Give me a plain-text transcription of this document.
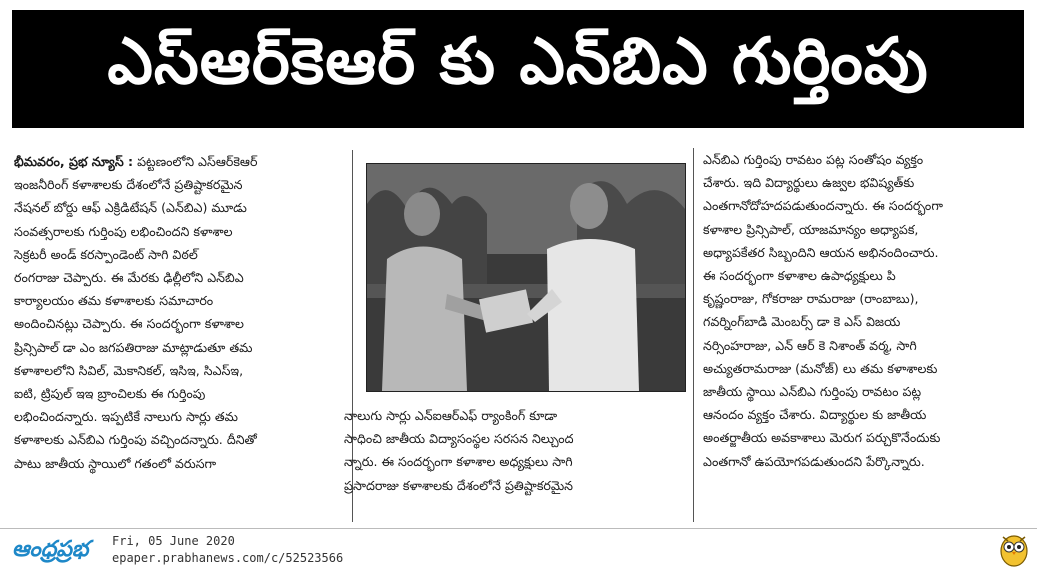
ఎస్ఆర్‌కెఆర్ కు ఎన్‌బిఎ గుర్తింపు

భీమవరం, ప్రభ న్యూస్ : పట్టణంలోని ఎస్‌ఆర్‌కెఆర్

ఇంజనీరింగ్ కళాశాలకు దేశంలోనే ప్రతిష్టాకరమైన

నేషనల్ బోర్డు ఆఫ్ ఎక్రిడిటేషన్ (ఎన్‌బిఎ) మూడు

సంవత్సరాలకు గుర్తింపు లభించిందని కళాశాల

సెక్రటరీ అండ్ కరస్పాండెంట్ సాగి విఠల్

రంగరాజు చెప్పారు. ఈ మేరకు ఢిల్లీలోని ఎన్‌బిఎ

కార్యాలయం తమ కళాశాలకు సమాచారం

అందించినట్లు చెప్పారు. ఈ సందర్భంగా కళాశాల

ప్రిన్సిపాల్ డా ఎం జగపతిరాజు మాట్లాడుతూ తమ

కళాశాలలోని సివిల్, మెకానికల్, ఇసిఇ, సిఎస్‌ఇ,

ఐటి, ట్రిపుల్ ఇఇ బ్రాంచిలకు ఈ గుర్తింపు

లభించిందన్నారు. ఇప్పటికే నాలుగు సార్లు తమ

కళాశాలకు ఎన్‌బిఎ గుర్తింపు వచ్చిందన్నారు. దీనితో

పాటు జాతీయ స్థాయిలో గతంలో వరుసగా

నాలుగు సార్లు ఎన్‌ఐఆర్‌ఎఫ్ ర్యాంకింగ్ కూడా

సాధించి జాతీయ విద్యాసంస్థల సరసన నిల్చుంద

న్నారు. ఈ సందర్భంగా కళాశాల అధ్యక్షులు సాగి

ప్రసాదరాజు కళాశాలకు దేశంలోనే ప్రతిష్టాకరమైన

ఎన్‌బిఎ గుర్తింపు రావటం పట్ల సంతోషం వ్యక్తం

చేశారు. ఇది విద్యార్థులు ఉజ్వల భవిష్యత్‌కు

ఎంతగానోదోహదపడుతుందన్నారు. ఈ సందర్భంగా

కళాశాల ప్రిన్సిపాల్, యాజమాన్యం అధ్యాపక,

అధ్యాపకేతర సిబ్బందిని ఆయన అభినందించారు.

ఈ సందర్భంగా కళాశాల ఉపాధ్యక్షులు పి

కృష్ణంరాజు, గోకరాజు రామరాజు (రాంబాబు),

గవర్నింగ్‌బాడి మెంబర్స్ డా కె ఎస్ విజయ

నర్సింహరాజు, ఎన్ ఆర్ కె నిశాంత్ వర్మ, సాగి

అచ్యుతరామరాజు (మనోజ్) లు తమ కళాశాలకు

జాతీయ స్థాయి ఎన్‌బిఎ గుర్తింపు రావటం పట్ల

ఆనందం వ్యక్తం చేశారు. విద్యార్థుల కు జాతీయ

అంతర్జాతీయ అవకాశాలు మెరుగ పర్చుకొనేందుకు

ఎంతగానో ఉపయోగపడుతుందని పేర్కొన్నారు.

ఆంధ్రప్రభ Fri, 05 June 2020
epaper.prabhanews.com/c/52523566
